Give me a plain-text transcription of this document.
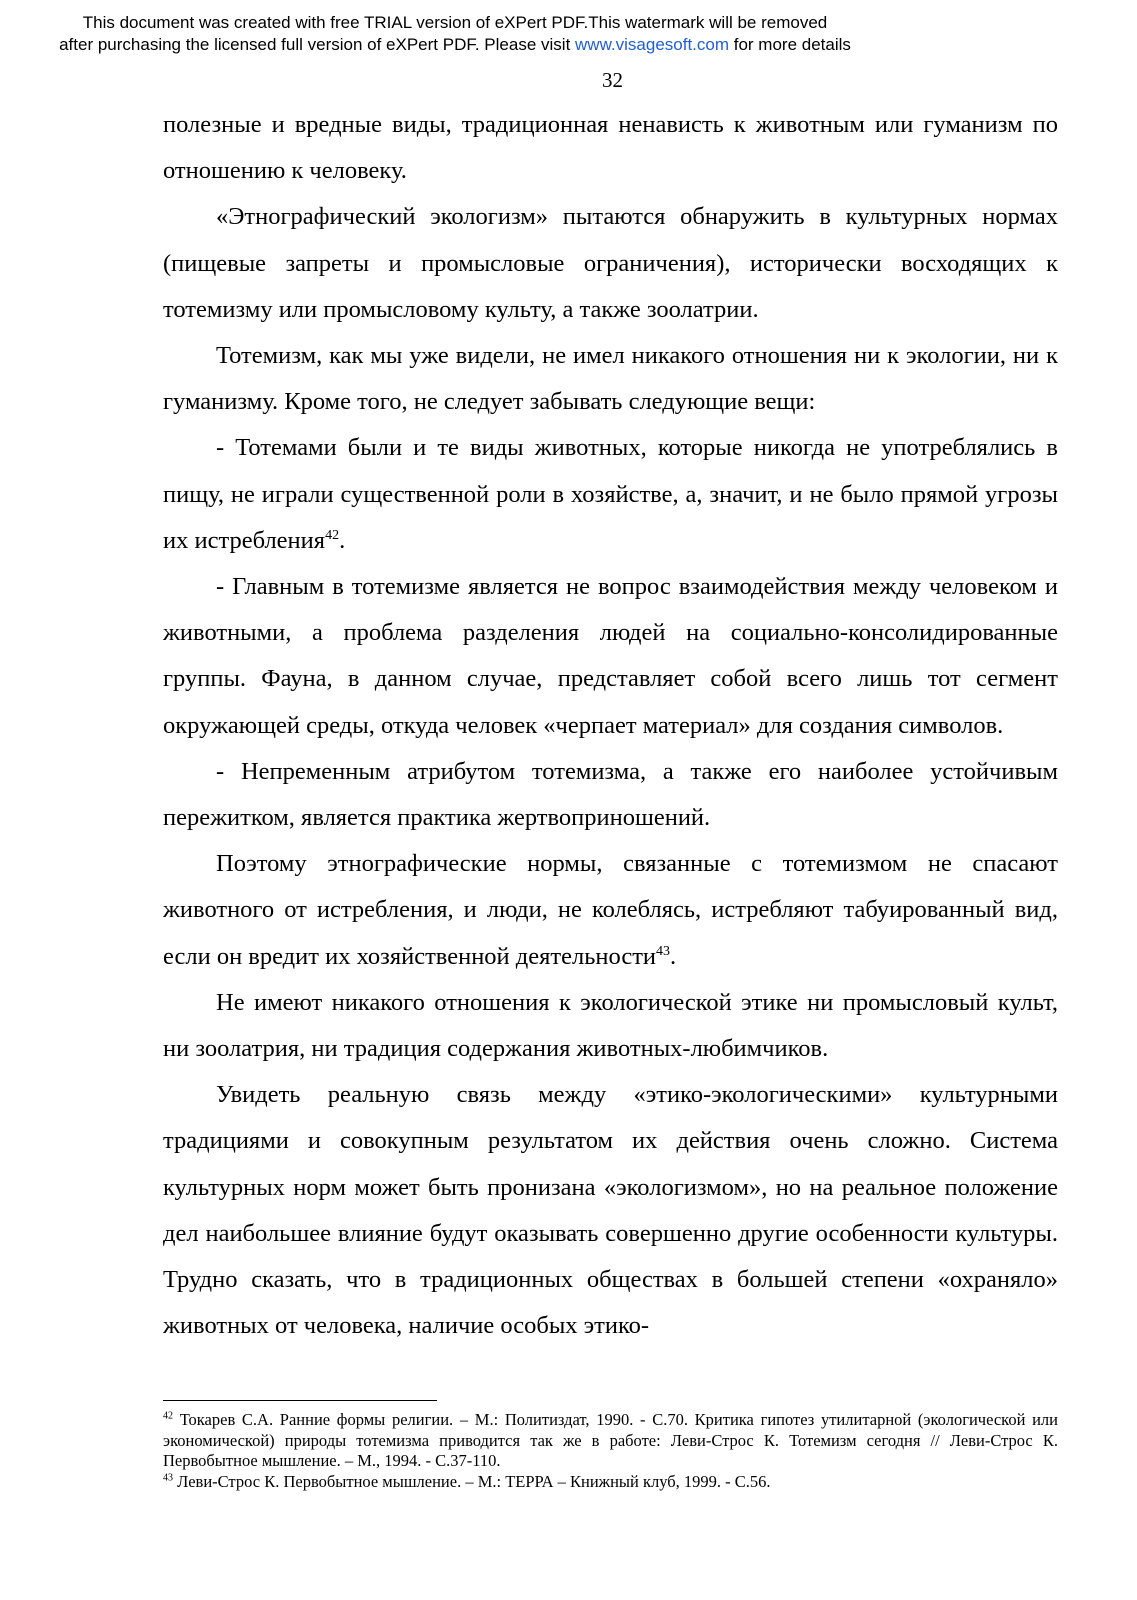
This document was created with free TRIAL version of eXPert PDF.This watermark will be removed
after purchasing the licensed full version of eXPert PDF. Please visit www.visagesoft.com for more details
32

полезные и вредные виды, традиционная ненависть к животным или гуманизм по отношению к человеку.

«Этнографический экологизм» пытаются обнаружить в культурных нормах (пищевые запреты и промысловые ограничения), исторически восходящих к тотемизму или промысловому культу, а также зоолатрии.

Тотемизм, как мы уже видели, не имел никакого отношения ни к экологии, ни к гуманизму. Кроме того, не следует забывать следующие вещи:

- Тотемами были и те виды животных, которые никогда не употреблялись в пищу, не играли существенной роли в хозяйстве, а, значит, и не было прямой угрозы их истребления$^{42}$.

- Главным в тотемизме является не вопрос взаимодействия между человеком и животными, а проблема разделения людей на социально-консолидированные группы. Фауна, в данном случае, представляет собой всего лишь тот сегмент окружающей среды, откуда человек «черпает материал» для создания символов.

- Непременным атрибутом тотемизма, а также его наиболее устойчивым пережитком, является практика жертвоприношений.

Поэтому этнографические нормы, связанные с тотемизмом не спасают животного от истребления, и люди, не колеблясь, истребляют табуированный вид, если он вредит их хозяйственной деятельности$^{43}$.

Не имеют никакого отношения к экологической этике ни промысловый культ, ни зоолатрия, ни традиция содержания животных-любимчиков.

Увидеть реальную связь между «этико-экологическими» культурными традициями и совокупным результатом их действия очень сложно. Система культурных норм может быть пронизана «экологизмом», но на реальное положение дел наибольшее влияние будут оказывать совершенно другие особенности культуры. Трудно сказать, что в традиционных обществах в большей степени «охраняло» животных от человека, наличие особых этико-

$^{42}$ Токарев С.А. Ранние формы религии. – М.: Политиздат, 1990. - С.70. Критика гипотез утилитарной (экологической или экономической) природы тотемизма приводится так же в работе: Леви-Строс К. Тотемизм сегодня // Леви-Строс К. Первобытное мышление. – М., 1994. - С.37-110.

$^{43}$ Леви-Строс К. Первобытное мышление. – М.: ТЕРРА – Книжный клуб, 1999. - С.56.
